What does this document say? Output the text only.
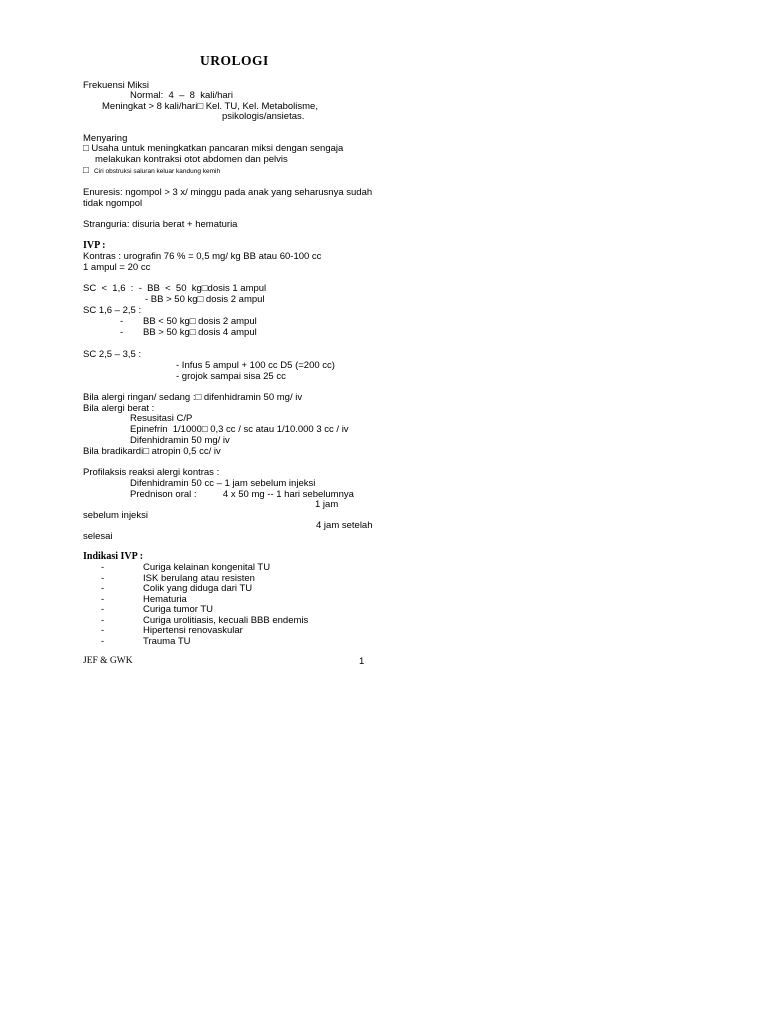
UROLOGI
Frekuensi Miksi
Normal:  4  –  8  kali/hari
Meningkat > 8 kali/hari□ Kel. TU, Kel. Metabolisme,
psikologis/ansietas.
Menyaring
□ Usaha untuk meningkatkan pancaran miksi dengan sengaja
melakukan kontraksi otot abdomen dan pelvis
□ Ciri obstruksi saluran keluar kandung kemih
Enuresis: ngompol > 3 x/ minggu pada anak yang seharusnya sudah
tidak ngompol
Stranguria: disuria berat + hematuria
IVP :
Kontras : urografin 76 % = 0,5 mg/ kg BB atau 60-100 cc
1 ampul = 20 cc
SC  <  1,6  :  -  BB  <  50  kg□dosis 1 ampul
- BB > 50 kg□ dosis 2 ampul
SC 1,6 – 2,5 :
- BB < 50 kg□ dosis 2 ampul
- BB > 50 kg□ dosis 4 ampul
SC 2,5 – 3,5 :
- Infus 5 ampul + 100 cc D5 (=200 cc)
- grojok sampai sisa 25 cc
Bila alergi ringan/ sedang :□ difenhidramin 50 mg/ iv
Bila alergi berat :
Resusitasi C/P
Epinefrin  1/1000□ 0,3 cc / sc atau 1/10.000 3 cc / iv
Difenhidramin 50 mg/ iv
Bila bradikardi□ atropin 0,5 cc/ iv
Profilaksis reaksi alergi kontras :
Difenhidramin 50 cc – 1 jam sebelum injeksi
Prednison oral :          4 x 50 mg -- 1 hari sebelumnya
1 jam
sebelum injeksi
4 jam setelah
selesai
Indikasi IVP :
-	Curiga kelainan kongenital TU
-	ISK berulang atau resisten
-	Colik yang diduga dari TU
-	Hematuria
-	Curiga tumor TU
-	Curiga urolitiasis, kecuali BBB endemis
-	Hipertensi renovaskular
-	Trauma TU
JEF & GWK	1
